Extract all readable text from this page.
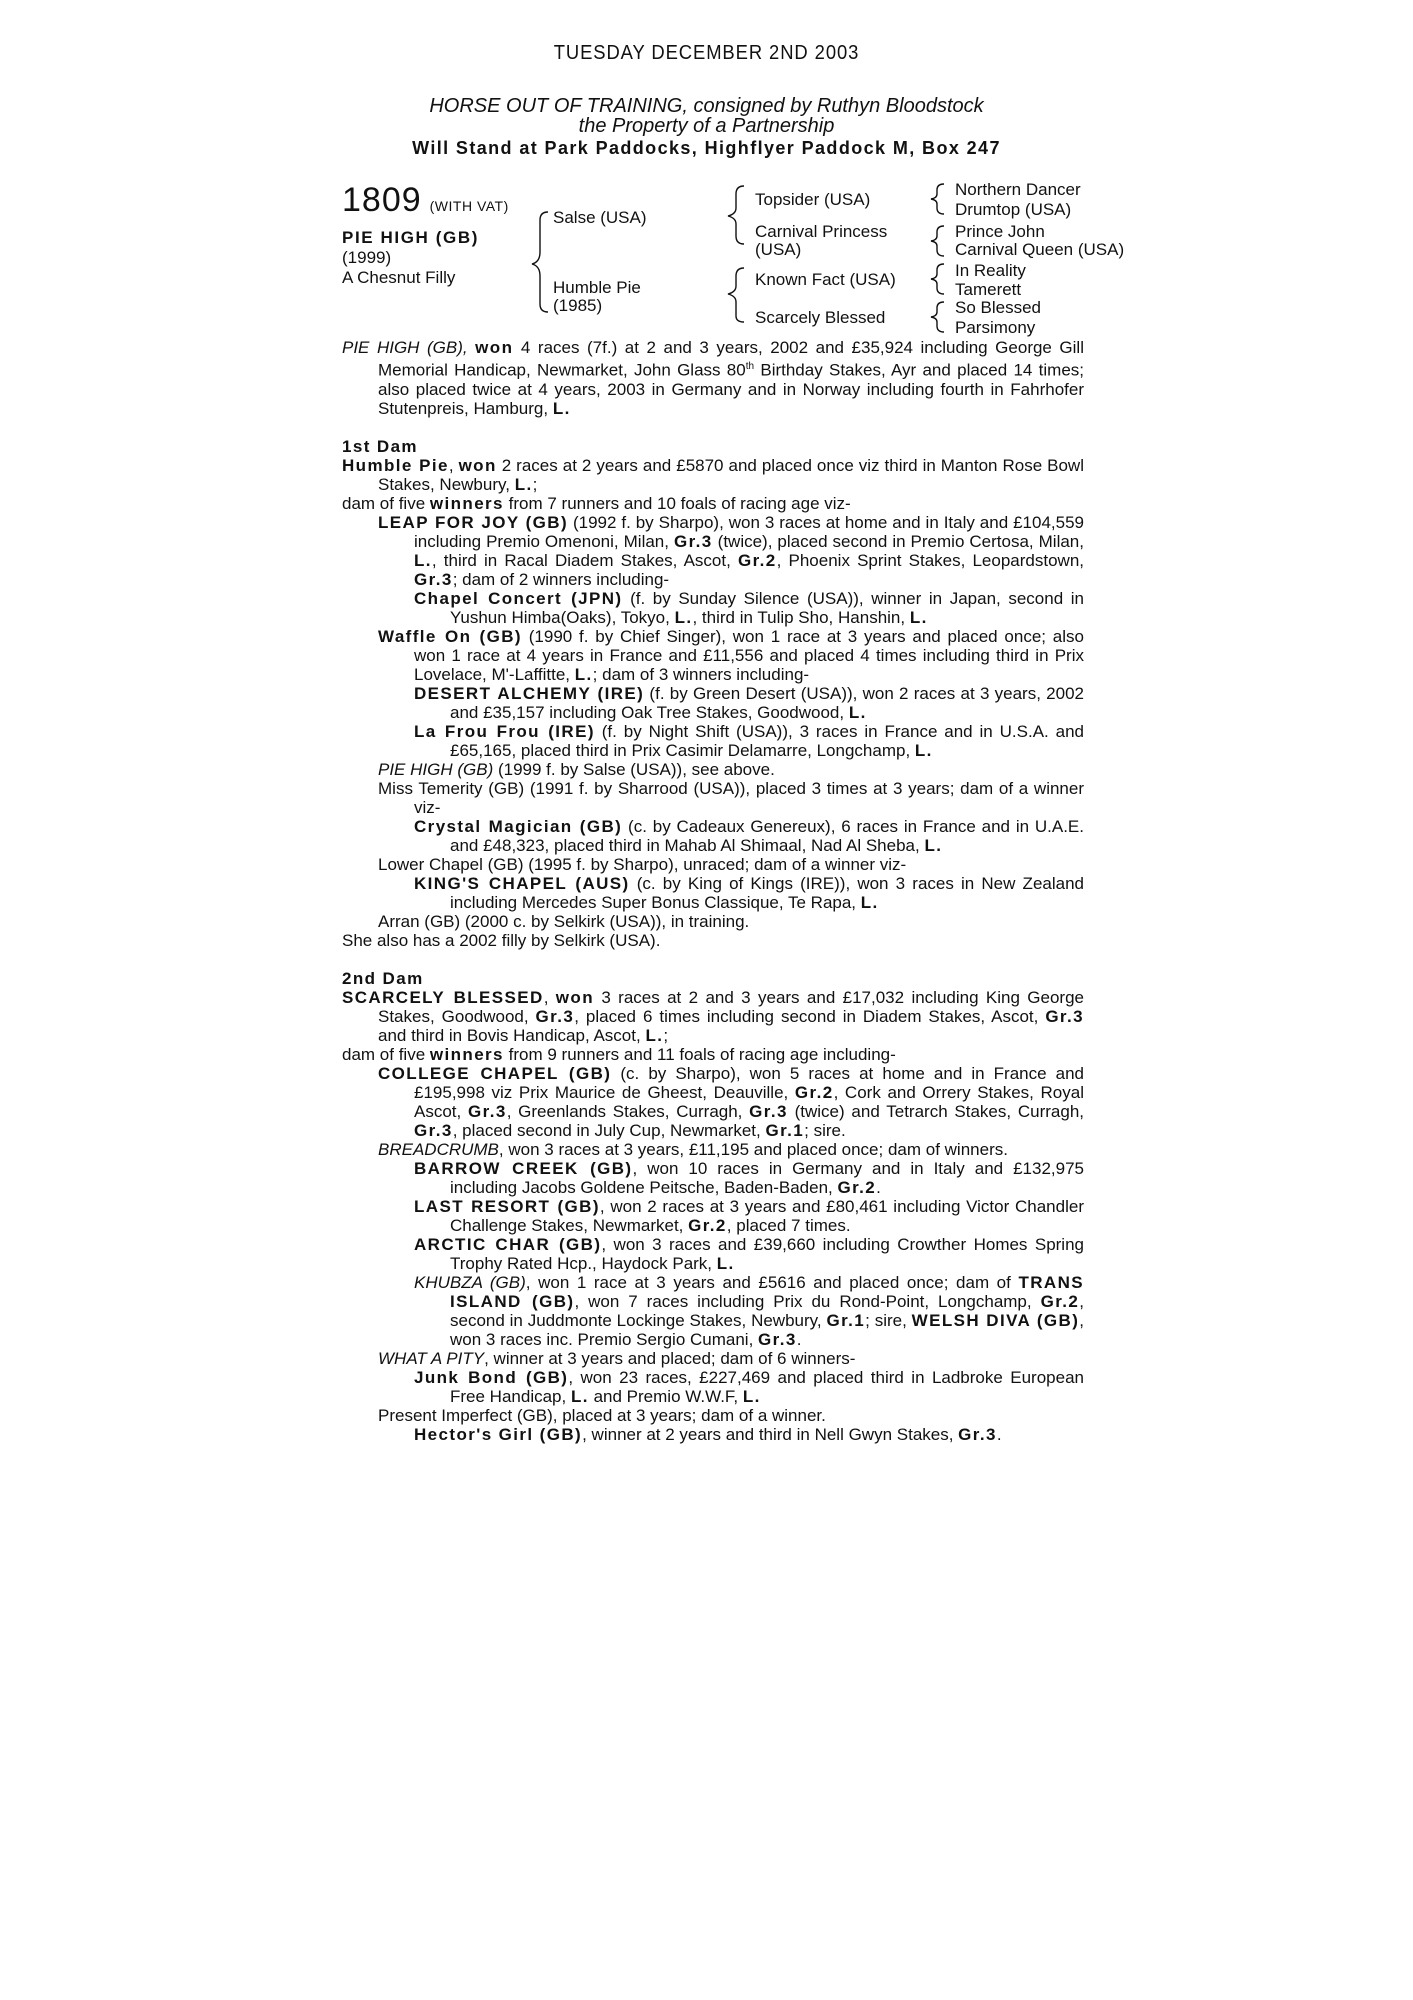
TUESDAY DECEMBER 2ND 2003
HORSE OUT OF TRAINING, consigned by Ruthyn Bloodstock
the Property of a Partnership
Will Stand at Park Paddocks, Highflyer Paddock M, Box 247
1809 (WITH VAT)
PIE HIGH (GB)
(1999)
A Chesnut Filly
Salse (USA)
Humble Pie
(1985)
Topsider (USA)
Carnival Princess
(USA)
Known Fact (USA)
Scarcely Blessed
Northern Dancer
Drumtop (USA)
Prince John
Carnival Queen (USA)
In Reality
Tamerett
So Blessed
Parsimony

PIE HIGH (GB), won 4 races (7f.) at 2 and 3 years, 2002 and £35,924 including George Gill Memorial Handicap, Newmarket, John Glass 80th Birthday Stakes, Ayr and placed 14 times; also placed twice at 4 years, 2003 in Germany and in Norway including fourth in Fahrhofer Stutenpreis, Hamburg, L.

1st Dam

Humble Pie, won 2 races at 2 years and £5870 and placed once viz third in Manton Rose Bowl Stakes, Newbury, L.;

dam of five winners from 7 runners and 10 foals of racing age viz-

LEAP FOR JOY (GB) (1992 f. by Sharpo), won 3 races at home and in Italy and £104,559 including Premio Omenoni, Milan, Gr.3 (twice), placed second in Premio Certosa, Milan, L., third in Racal Diadem Stakes, Ascot, Gr.2, Phoenix Sprint Stakes, Leopardstown, Gr.3; dam of 2 winners including-

Chapel Concert (JPN) (f. by Sunday Silence (USA)), winner in Japan, second in Yushun Himba(Oaks), Tokyo, L., third in Tulip Sho, Hanshin, L.

Waffle On (GB) (1990 f. by Chief Singer), won 1 race at 3 years and placed once; also won 1 race at 4 years in France and £11,556 and placed 4 times including third in Prix Lovelace, M'-Laffitte, L.; dam of 3 winners including-

DESERT ALCHEMY (IRE) (f. by Green Desert (USA)), won 2 races at 3 years, 2002 and £35,157 including Oak Tree Stakes, Goodwood, L.

La Frou Frou (IRE) (f. by Night Shift (USA)), 3 races in France and in U.S.A. and £65,165, placed third in Prix Casimir Delamarre, Longchamp, L.

PIE HIGH (GB) (1999 f. by Salse (USA)), see above.

Miss Temerity (GB) (1991 f. by Sharrood (USA)), placed 3 times at 3 years; dam of a winner viz-

Crystal Magician (GB) (c. by Cadeaux Genereux), 6 races in France and in U.A.E. and £48,323, placed third in Mahab Al Shimaal, Nad Al Sheba, L.

Lower Chapel (GB) (1995 f. by Sharpo), unraced; dam of a winner viz-

KING'S CHAPEL (AUS) (c. by King of Kings (IRE)), won 3 races in New Zealand including Mercedes Super Bonus Classique, Te Rapa, L.

Arran (GB) (2000 c. by Selkirk (USA)), in training.

She also has a 2002 filly by Selkirk (USA).

2nd Dam

SCARCELY BLESSED, won 3 races at 2 and 3 years and £17,032 including King George Stakes, Goodwood, Gr.3, placed 6 times including second in Diadem Stakes, Ascot, Gr.3 and third in Bovis Handicap, Ascot, L.;

dam of five winners from 9 runners and 11 foals of racing age including-

COLLEGE CHAPEL (GB) (c. by Sharpo), won 5 races at home and in France and £195,998 viz Prix Maurice de Gheest, Deauville, Gr.2, Cork and Orrery Stakes, Royal Ascot, Gr.3, Greenlands Stakes, Curragh, Gr.3 (twice) and Tetrarch Stakes, Curragh, Gr.3, placed second in July Cup, Newmarket, Gr.1; sire.

BREADCRUMB, won 3 races at 3 years, £11,195 and placed once; dam of winners.

BARROW CREEK (GB), won 10 races in Germany and in Italy and £132,975 including Jacobs Goldene Peitsche, Baden-Baden, Gr.2.

LAST RESORT (GB), won 2 races at 3 years and £80,461 including Victor Chandler Challenge Stakes, Newmarket, Gr.2, placed 7 times.

ARCTIC CHAR (GB), won 3 races and £39,660 including Crowther Homes Spring Trophy Rated Hcp., Haydock Park, L.

KHUBZA (GB), won 1 race at 3 years and £5616 and placed once; dam of TRANS ISLAND (GB), won 7 races including Prix du Rond-Point, Longchamp, Gr.2, second in Juddmonte Lockinge Stakes, Newbury, Gr.1; sire, WELSH DIVA (GB), won 3 races inc. Premio Sergio Cumani, Gr.3.

WHAT A PITY, winner at 3 years and placed; dam of 6 winners-

Junk Bond (GB), won 23 races, £227,469 and placed third in Ladbroke European Free Handicap, L. and Premio W.W.F, L.

Present Imperfect (GB), placed at 3 years; dam of a winner.

Hector's Girl (GB), winner at 2 years and third in Nell Gwyn Stakes, Gr.3.
